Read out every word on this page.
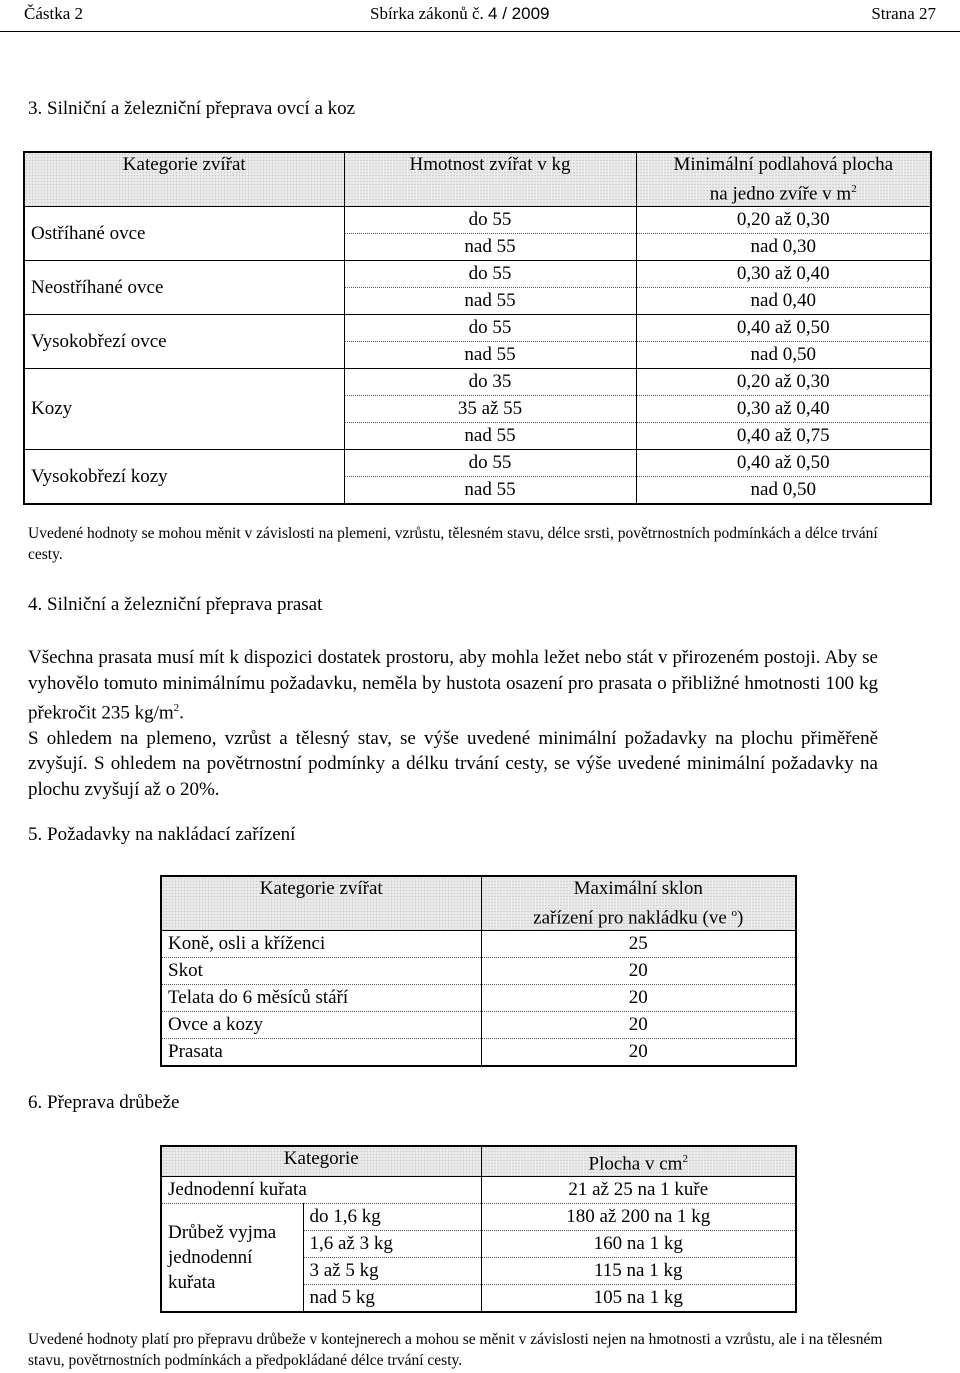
Částka 2	Sbírka zákonů č. 4 / 2009	Strana 27
3. Silniční a železniční přeprava ovcí a koz
Kategorie zvířat	Hmotnost zvířat v kg	Minimální podlahová plocha
na jedno zvíře v $m^2$
Ostříhané ovce	do 55	0,20 až 0,30
	nad 55	nad 0,30
Neostříhané ovce	do 55	0,30 až 0,40
	nad 55	nad 0,40
Vysokobřezí ovce	do 55	0,40 až 0,50
	nad 55	nad 0,50
Kozy	do 35	0,20 až 0,30
	35 až 55	0,30 až 0,40
	nad 55	0,40 až 0,75
Vysokobřezí kozy	do 55	0,40 až 0,50
	nad 55	nad 0,50
Uvedené hodnoty se mohou měnit v závislosti na plemeni, vzrůstu, tělesném stavu, délce srsti, povětrnostních podmínkách a délce trvání cesty.
4. Silniční a železniční přeprava prasat

Všechna prasata musí mít k dispozici dostatek prostoru, aby mohla ležet nebo stát v přirozeném postoji. Aby se vyhovělo tomuto minimálnímu požadavku, neměla by hustota osazení pro prasata o přibližné hmotnosti 100 kg překročit 235 $kg/m^2$.

S ohledem na plemeno, vzrůst a tělesný stav, se výše uvedené minimální požadavky na plochu přiměřeně zvyšují. S ohledem na povětrnostní podmínky a délku trvání cesty, se výše uvedené minimální požadavky na plochu zvyšují až o 20%.

5. Požadavky na nakládací zařízení
Kategorie zvířat	Maximální sklon
zařízení pro nakládku (ve $^o$)
Koně, osli a kříženci	25
Skot	20
Telata do 6 měsíců stáří	20
Ovce a kozy	20
Prasata	20
6. Přeprava drůbeže
Kategorie		Plocha v $cm^2$
Jednodenní kuřata		21 až 25 na 1 kuře
Drůbež vyjma jednodenní kuřata	do 1,6 kg	180 až 200 na 1 kg
	1,6 až 3 kg	160 na 1 kg
	3 až 5 kg	115 na 1 kg
	nad 5 kg	105 na 1 kg
Uvedené hodnoty platí pro přepravu drůbeže v kontejnerech a mohou se měnit v závislosti nejen na hmotnosti a vzrůstu, ale i na tělesném stavu, povětrnostních podmínkách a předpokládané délce trvání cesty.
